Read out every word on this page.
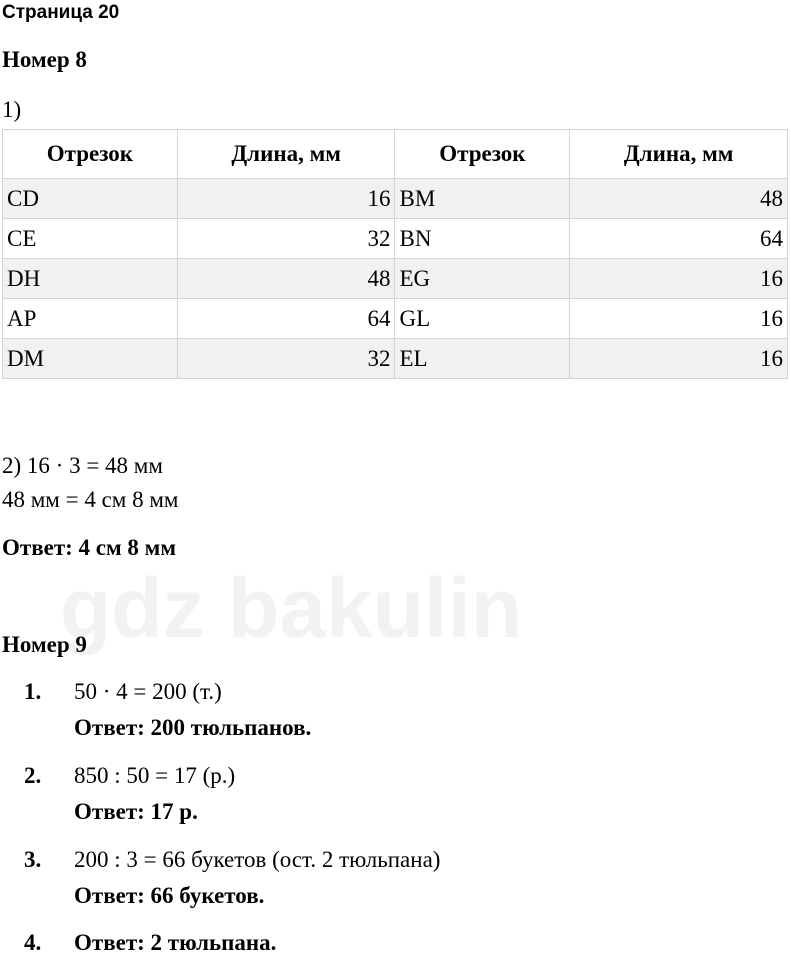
gdz bakulin
Страница 20
Номер 8
1)
Отрезок	Длина, мм	Отрезок	Длина, мм
CD	16	BM	48
CE	32	BN	64
DH	48	EG	16
AP	64	GL	16
DM	32	EL	16
2) 16 · 3 = 48 мм
48 мм = 4 см 8 мм
Ответ: 4 см 8 мм
Номер 9
1. 50 · 4 = 200 (т.)
Ответ: 200 тюльпанов.
2. 850 : 50 = 17 (р.)
Ответ: 17 р.
3. 200 : 3 = 66 букетов (ост. 2 тюльпана)
Ответ: 66 букетов.
4. Ответ: 2 тюльпана.
